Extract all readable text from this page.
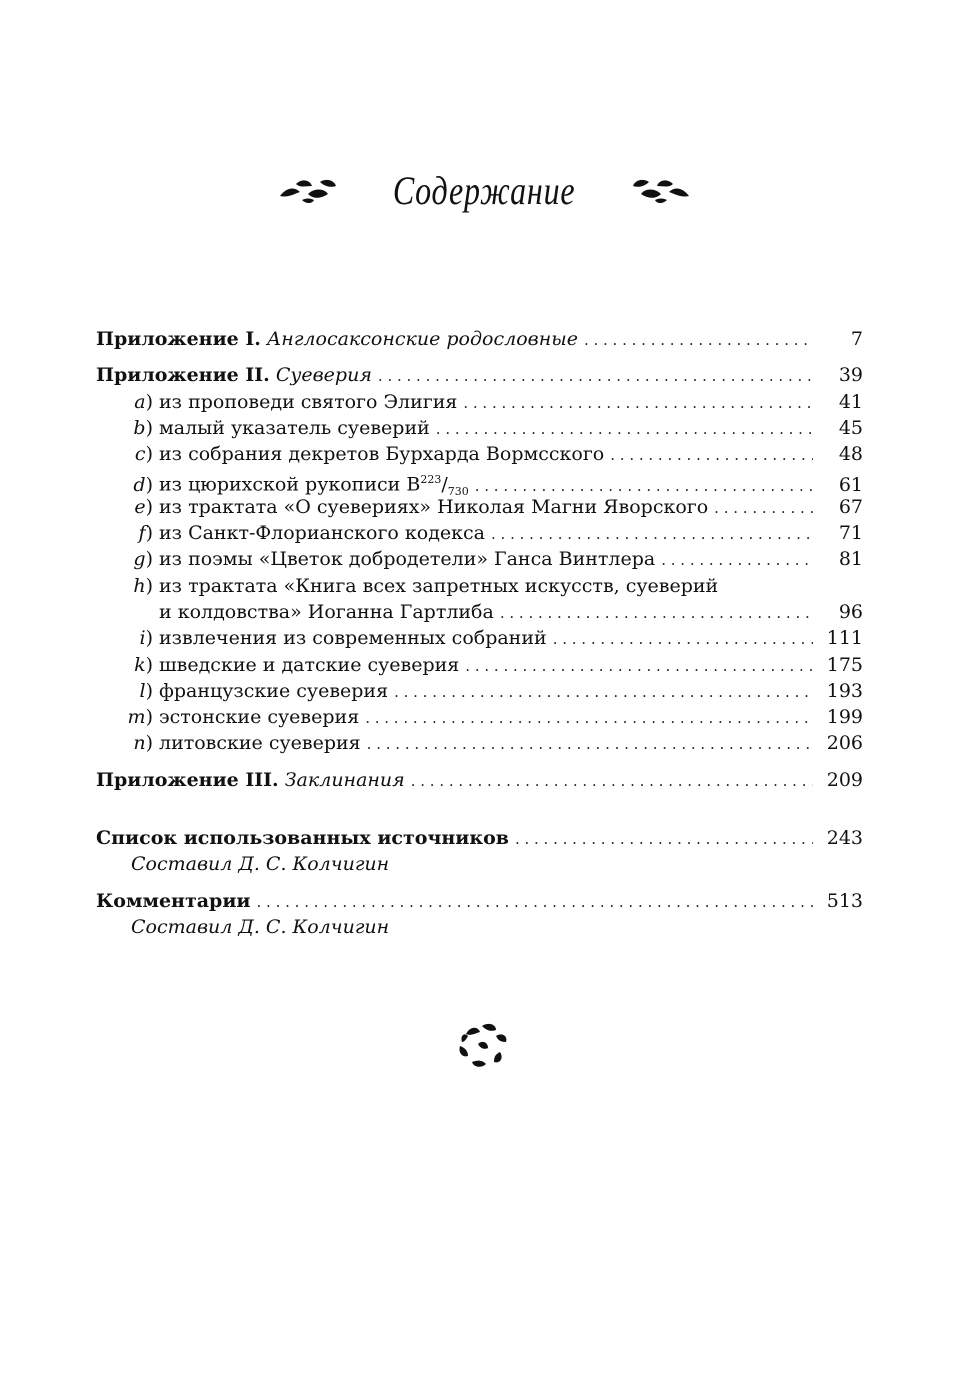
Содержание
Приложение I. Англосаксонские родословные . . .	7
Приложение II. Суеверия . . .	39
a) из проповеди святого Элигия . . .	41
b) малый указатель суеверий . . .	45
c) из собрания декретов Бурхарда Вормсского . . .	48
d) из цюрихской рукописи $B^{223}/_{730}$ . . .	61
e) из трактата «О суевериях» Николая Магни Яворского . . .	67
f) из Санкт-Флорианского кодекса . . .	71
g) из поэмы «Цветок добродетели» Ганса Винтлера . . .	81
h) из трактата «Книга всех запретных искусств, суеверий
и колдовства» Иоганна Гартлиба . . .	96
i) извлечения из современных собраний . . .	111
k) шведские и датские суеверия . . .	175
l) французские суеверия . . .	193
m) эстонские суеверия . . .	199
n) литовские суеверия . . .	206
Приложение III. Заклинания . . .	209
Список использованных источников . . .	243
Составил Д. С. Колчигин
Комментарии . . .	513
Составил Д. С. Колчигин
